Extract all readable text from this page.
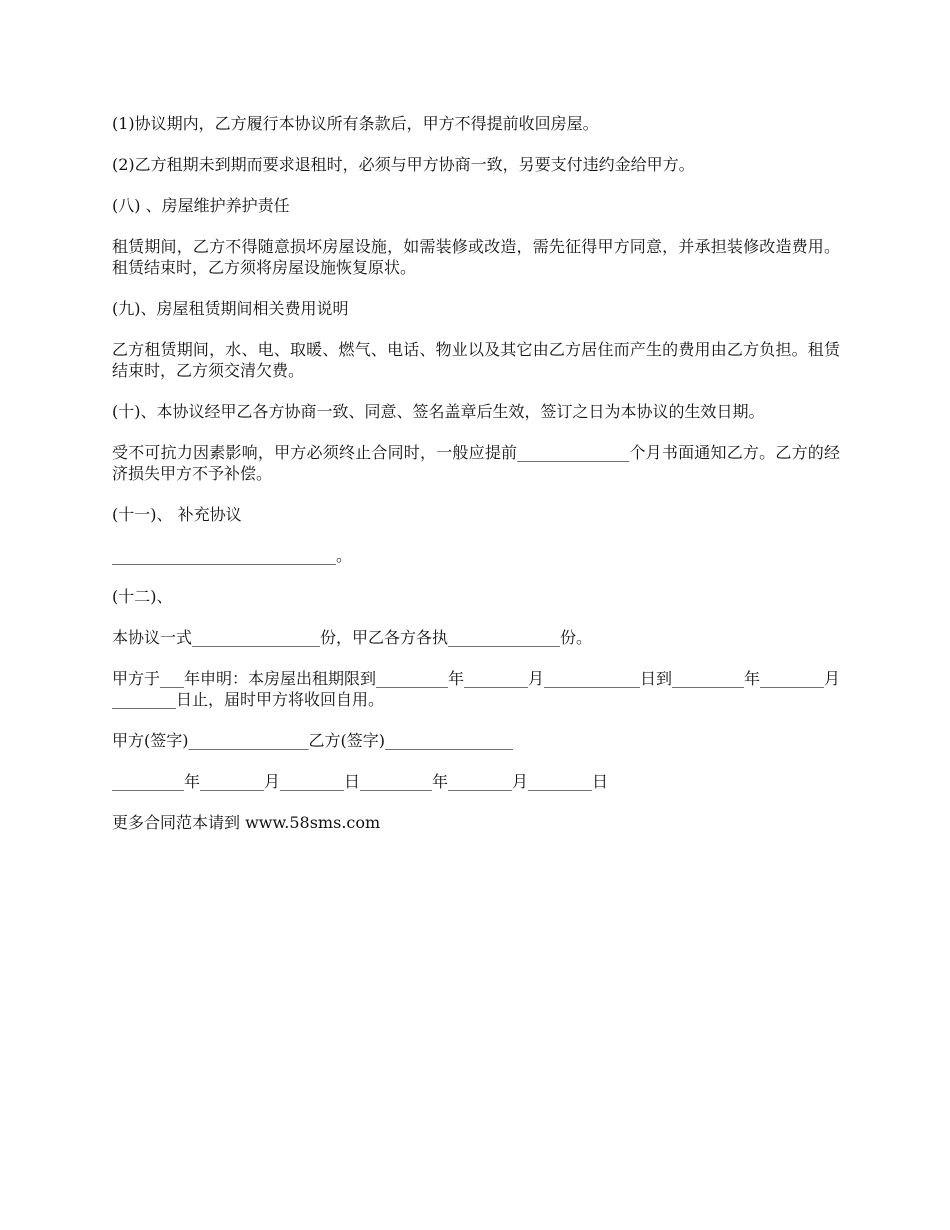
(1)协议期内，乙方履行本协议所有条款后，甲方不得提前收回房屋。

(2)乙方租期未到期而要求退租时，必须与甲方协商一致，另要支付违约金给甲方。

(八) 、房屋维护养护责任

租赁期间，乙方不得随意损坏房屋设施，如需装修或改造，需先征得甲方同意，并承担装修改造费用。租赁结束时，乙方须将房屋设施恢复原状。

(九)、房屋租赁期间相关费用说明

乙方租赁期间，水、电、取暖、燃气、电话、物业以及其它由乙方居住而产生的费用由乙方负担。租赁结束时，乙方须交清欠费。

(十)、本协议经甲乙各方协商一致、同意、签名盖章后生效，签订之日为本协议的生效日期。

受不可抗力因素影响，甲方必须终止合同时，一般应提前______________个月书面通知乙方。乙方的经济损失甲方不予补偿。

(十一)、 补充协议

____________________________。

(十二)、

本协议一式________________份，甲乙各方各执______________份。

甲方于___年申明：本房屋出租期限到_________年________月____________日到_________年________月________日止，届时甲方将收回自用。

甲方(签字)_______________乙方(签字)________________

_________年________月________日_________年________月________日

更多合同范本请到 www.58sms.com
